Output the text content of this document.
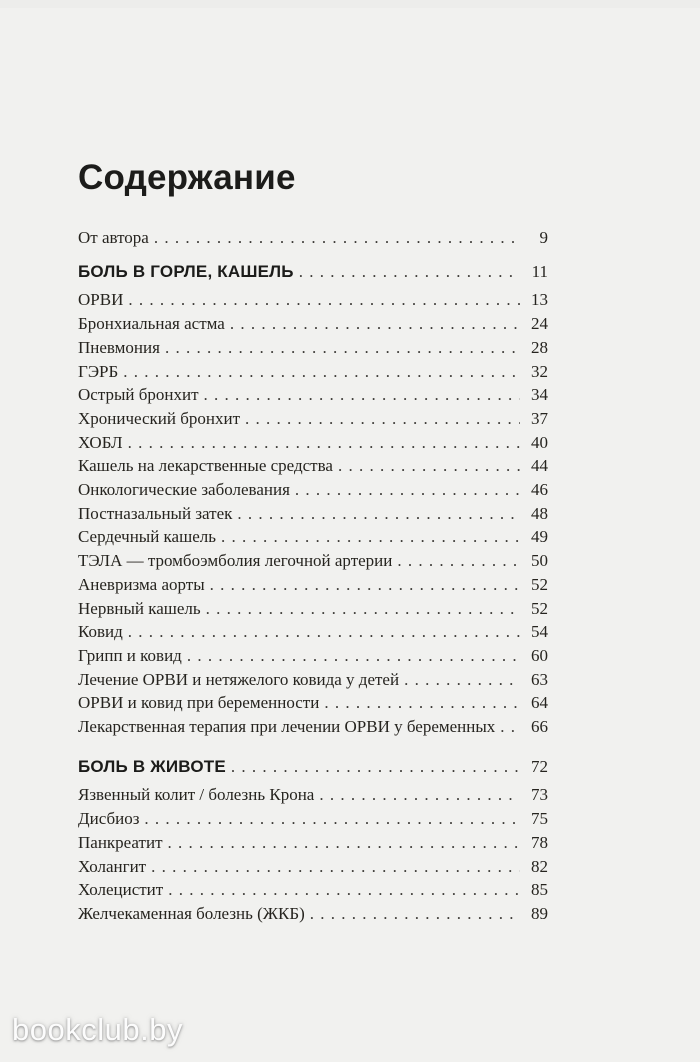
Содержание
От автора . . .	9
БОЛЬ В ГОРЛЕ, КАШЕЛЬ . . .	11
ОРВИ . . .	13
Бронхиальная астма . . .	24
Пневмония . . .	28
ГЭРБ . . .	32
Острый бронхит . . .	34
Хронический бронхит . . .	37
ХОБЛ . . .	40
Кашель на лекарственные средства . . .	44
Онкологические заболевания . . .	46
Постназальный затек . . .	48
Сердечный кашель . . .	49
ТЭЛА — тромбоэмболия легочной артерии . . .	50
Аневризма аорты . . .	52
Нервный кашель . . .	52
Ковид . . .	54
Грипп и ковид . . .	60
Лечение ОРВИ и нетяжелого ковида у детей . . .	63
ОРВИ и ковид при беременности . . .	64
Лекарственная терапия при лечении ОРВИ у беременных . . .	66
БОЛЬ В ЖИВОТЕ . . .	72
Язвенный колит / болезнь Крона . . .	73
Дисбиоз . . .	75
Панкреатит . . .	78
Холангит . . .	82
Холецистит . . .	85
Желчекаменная болезнь (ЖКБ) . . .	89
bookclub.by
